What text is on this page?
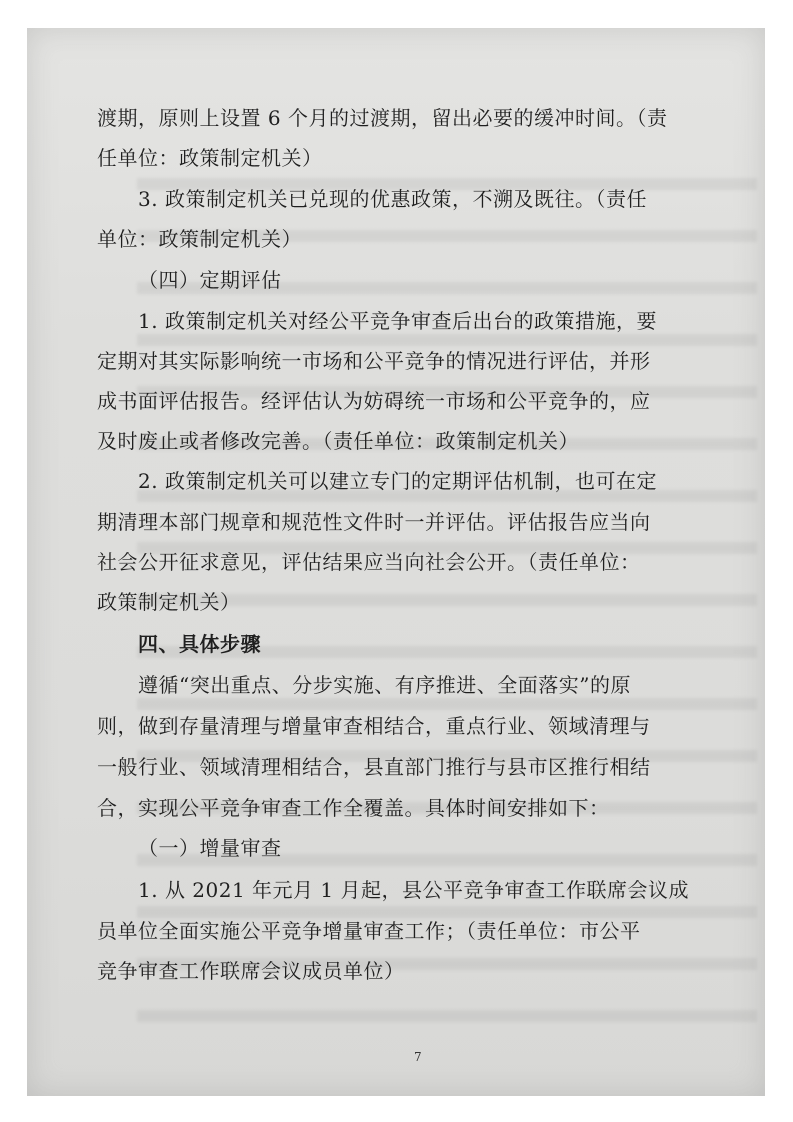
渡期，原则上设置 6 个月的过渡期，留出必要的缓冲时间。（责
任单位：政策制定机关）
3. 政策制定机关已兑现的优惠政策，不溯及既往。（责任
单位：政策制定机关）
（四）定期评估
1. 政策制定机关对经公平竞争审查后出台的政策措施，要
定期对其实际影响统一市场和公平竞争的情况进行评估，并形
成书面评估报告。经评估认为妨碍统一市场和公平竞争的，应
及时废止或者修改完善。（责任单位：政策制定机关）
2. 政策制定机关可以建立专门的定期评估机制，也可在定
期清理本部门规章和规范性文件时一并评估。评估报告应当向
社会公开征求意见，评估结果应当向社会公开。（责任单位：
政策制定机关）
四、具体步骤
遵循“突出重点、分步实施、有序推进、全面落实”的原
则，做到存量清理与增量审查相结合，重点行业、领域清理与
一般行业、领域清理相结合，县直部门推行与县市区推行相结
合，实现公平竞争审查工作全覆盖。具体时间安排如下：
（一）增量审查
1. 从 2021 年元月 1 月起，县公平竞争审查工作联席会议成
员单位全面实施公平竞争增量审查工作；（责任单位：市公平
竞争审查工作联席会议成员单位）
7
